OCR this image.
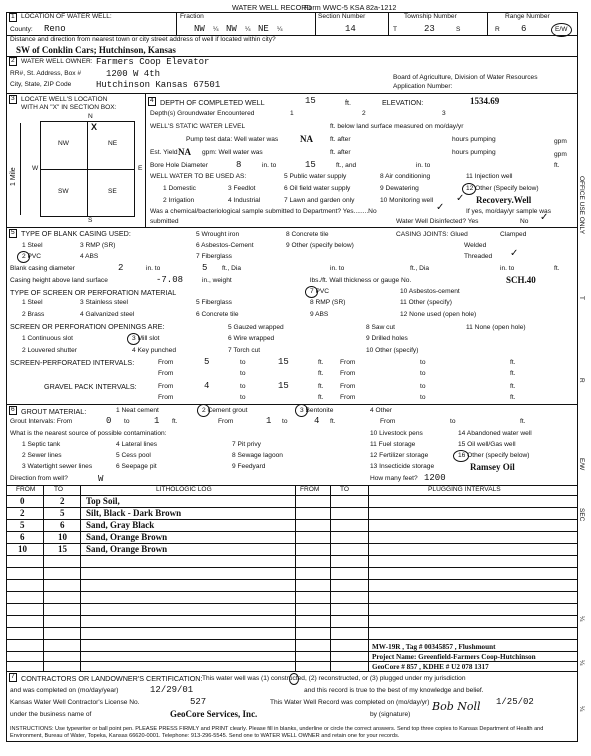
WATER WELL RECORD
Form WWC-5 KSA 82a-1212
1 LOCATION OF WATER WELL:
County: Reno
Fraction
NW ¼ NW ¼ NE ¼
Section Number
14
Township Number
T	23	S
Range Number
R 6	E/W
Distance and direction from nearest town or city street address of well if located within city?
SW of Conklin Cars; Hutchinson, Kansas
2 WATER WELL OWNER: Farmers Coop Elevator
RR#, St. Address, Box #	1200 W 4th
City, State, ZIP Code	Hutchinson Kansas 67501
Board of Agriculture, Division of Water Resources
Application Number:
3 LOCATE WELL'S LOCATION
WITH AN "X" IN SECTION BOX:
N
S
W	E
NW	NE
SW	SE
X
1 Mile
4 DEPTH OF COMPLETED WELL	15	ft.	ELEVATION:	1534.69
Depth(s) Groundwater Encountered	1	2	3
WELL'S STATIC WATER LEVEL	ft. below land surface measured on mo/day/yr
Pump test data: Well water was NA	ft. after	hours pumping	gpm
Est. Yield NA gpm: Well water was	ft. after	hours pumping	gpm
Bore Hole Diameter	8	in. to	15	ft., and	in. to	ft.
WELL WATER TO BE USED AS:	5 Public water supply	8 Air conditioning	11 Injection well
1 Domestic	3 Feedlot	6 Oil field water supply	9 Dewatering	12 Other (Specify below)
2 Irrigation	4 Industrial	7 Lawn and garden only	10 Monitoring well	Recovery.Well
✓
Was a chemical/bacteriological sample submitted to Department? Yes........No	If yes, mo/day/yr sample was
✓
submitted	Water Well Disinfected? Yes	No ✓
5 TYPE OF BLANK CASING USED:
1 Steel	3 RMP (SR)
5 Wrought iron	8 Concrete tile
2 PVC	4 ABS
6 Asbestos-Cement	9 Other (specify below)
7 Fiberglass
CASING JOINTS: Glued	Clamped
Welded
Threaded ✓
Blank casing diameter	2	in. to	5 ft., Dia	in. to	ft., Dia	in. to	ft.
Casing height above land surface	-7.08	in., weight	lbs./ft. Wall thickness or gauge No.	SCH.40
TYPE OF SCREEN OR PERFORATION MATERIAL
1 Steel	3 Stainless steel	5 Fiberglass
7 PVC	10 Asbestos-cement
2 Brass	4 Galvanized steel	6 Concrete tile
8 RMP (SR)	11 Other (specify)
9 ABS	12 None used (open hole)
SCREEN OR PERFORATION OPENINGS ARE:	5 Gauzed wrapped	8 Saw cut	11 None (open hole)
1 Continuous slot	3 Mill slot	6 Wire wrapped	9 Drilled holes
2 Louvered shutter	4 Key punched	7 Torch cut	10 Other (specify)
SCREEN-PERFORATED INTERVALS:	From	5	to	15	ft.	From	to	ft.
From	to	ft.	From	to	ft.
GRAVEL PACK INTERVALS:	From	4	to	15	ft.	From	to	ft.
From	to	ft.	From	to	ft.
6 GROUT MATERIAL:	1 Neat cement	2 Cement grout	3 Bentonite	4 Other
Grout Intervals: From	0 to	1 ft.	From	1 to	4 ft.	From	to	ft.
What is the nearest source of possible contamination:	10 Livestock pens	14 Abandoned water well
1 Septic tank	4 Lateral lines	7 Pit privy	11 Fuel storage	15 Oil well/Gas well
2 Sewer lines	5 Cess pool	8 Sewage lagoon	12 Fertilizer storage	16 Other (specify below)
3 Watertight sewer lines	6 Seepage pit	9 Feedyard	13 Insecticide storage	Ramsey Oil
Direction from well?	W	How many feet? 1200
FROM	TO	LITHOLOGIC LOG	FROM	TO	PLUGGING INTERVALS
0	2 Top Soil,
2	5 Silt, Black - Dark Brown
5	6 Sand, Gray Black
6	10 Sand, Orange Brown
10	15 Sand, Orange Brown
MW-19R , Tag # 00345857 , Flushmount
Project Name: Greenfield-Farmers Coop-Hutchinson
GeoCore # 857 , KDHE # U2 078 1317
7 CONTRACTORS OR LANDOWNER'S CERTIFICATION: This water well was (1) constructed, (2) reconstructed, or (3) plugged under my jurisdiction
and was completed on (mo/day/year)	12/29/01	and this record is true to the best of my knowledge and belief.
Kansas Water Well Contractor's License No.	527	This Water Well Record was completed on (mo/day/yr)	1/25/02
under the business name of	GeoCore Services, Inc.	by (signature)
Bob Noll
INSTRUCTIONS: Use typewriter or ball point pen. PLEASE PRESS FIRMLY and PRINT clearly. Please fill in blanks, underline or circle the correct answers. Send top three copies to Kansas Department of Health and Environment, Bureau of Water, Topeka, Kansas 66620-0001. Telephone: 913-296-5545. Send one to WATER WELL OWNER and retain one for your records.
OFFICE USE ONLY
T
R
E/W
SEC
¼
¼
¼
